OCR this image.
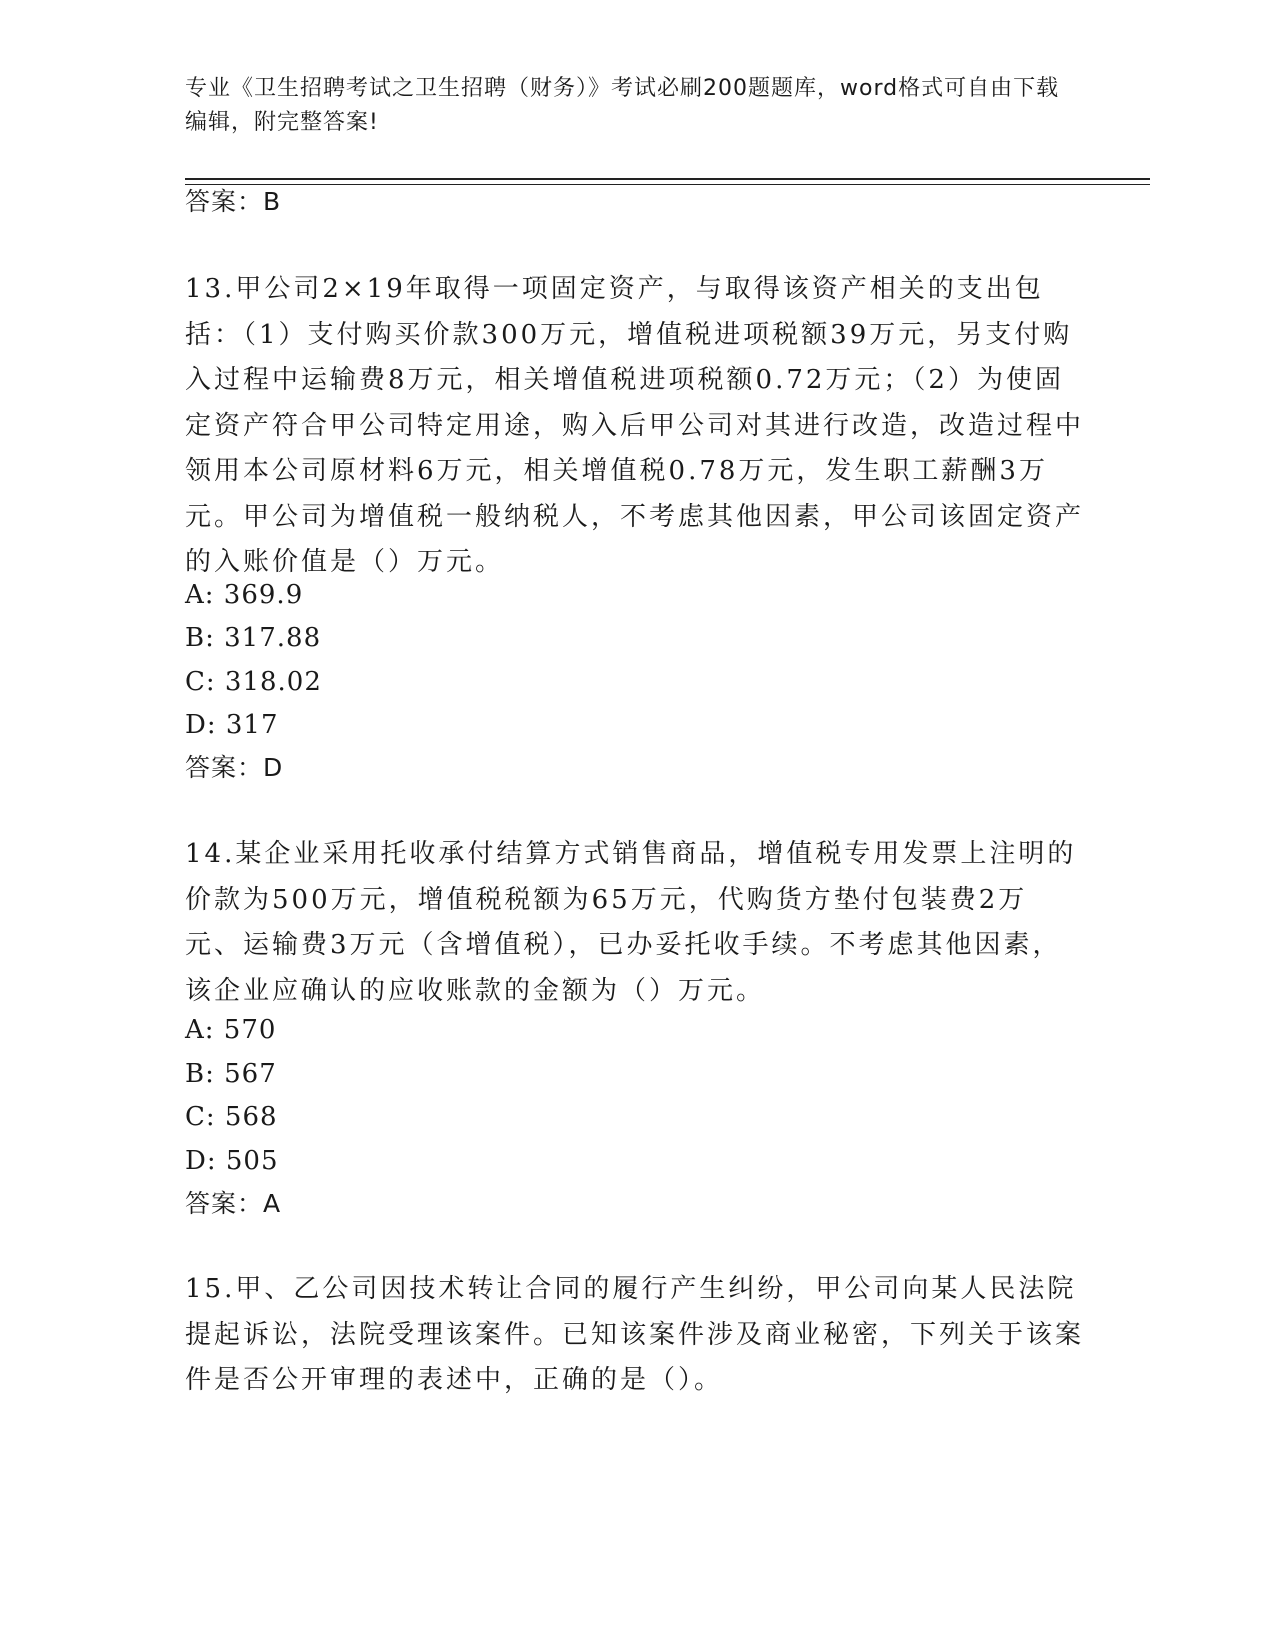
专业《卫生招聘考试之卫生招聘（财务）》考试必刷200题题库，word格式可自由下载编辑，附完整答案!
答案：B
13.甲公司2×19年取得一项固定资产，与取得该资产相关的支出包括：（1）支付购买价款300万元，增值税进项税额39万元，另支付购入过程中运输费8万元，相关增值税进项税额0.72万元；（2）为使固定资产符合甲公司特定用途，购入后甲公司对其进行改造，改造过程中领用本公司原材料6万元，相关增值税0.78万元，发生职工薪酬3万元。甲公司为增值税一般纳税人，不考虑其他因素，甲公司该固定资产的入账价值是（）万元。
A: 369.9
B: 317.88
C: 318.02
D: 317
答案：D
14.某企业采用托收承付结算方式销售商品，增值税专用发票上注明的价款为500万元，增值税税额为65万元，代购货方垫付包装费2万元、运输费3万元（含增值税），已办妥托收手续。不考虑其他因素，该企业应确认的应收账款的金额为（）万元。
A: 570
B: 567
C: 568
D: 505
答案：A
15.甲、乙公司因技术转让合同的履行产生纠纷，甲公司向某人民法院提起诉讼，法院受理该案件。已知该案件涉及商业秘密，下列关于该案件是否公开审理的表述中，正确的是（）。
